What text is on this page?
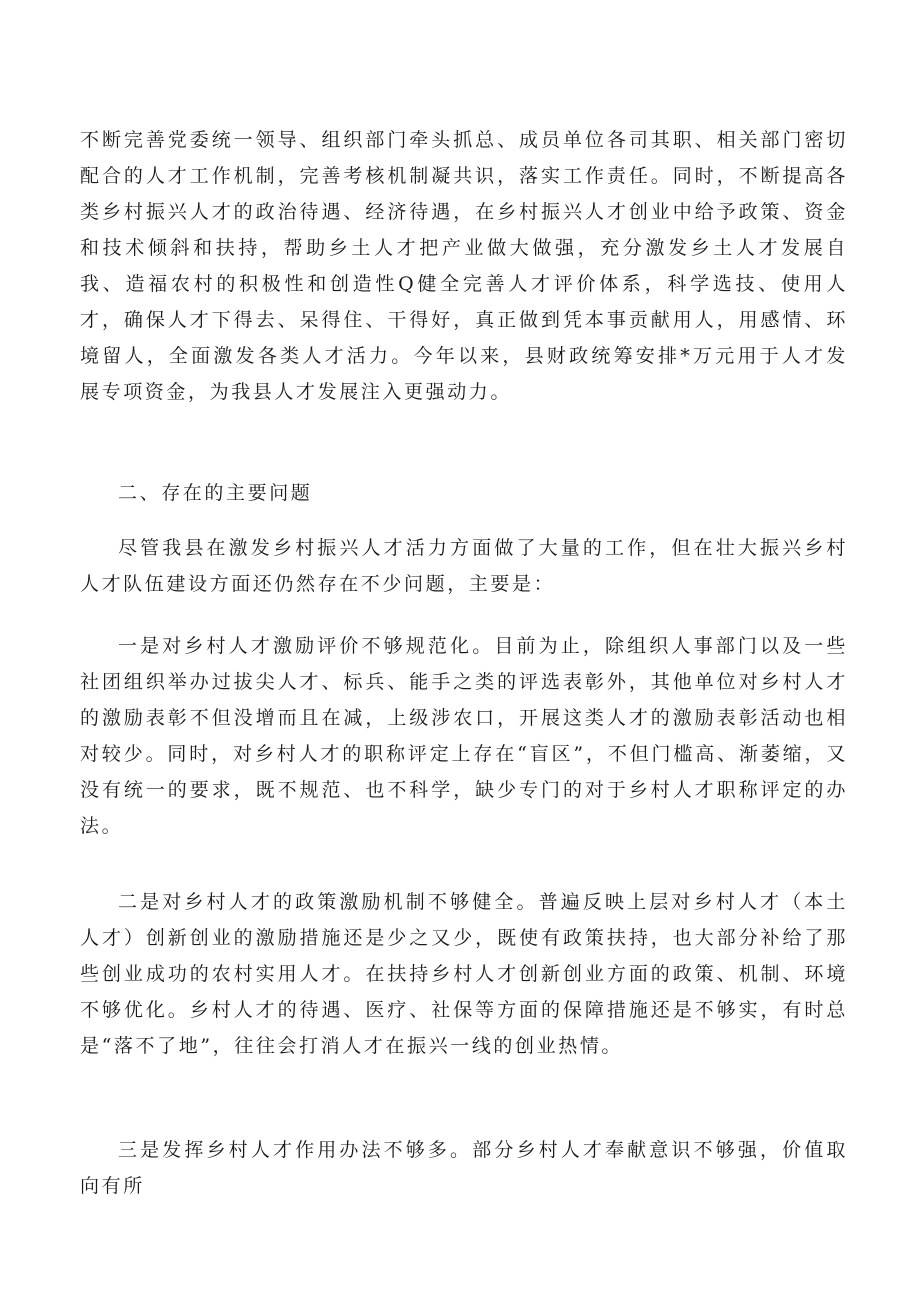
不断完善党委统一领导、组织部门牵头抓总、成员单位各司其职、相关部门密切配合的人才工作机制，完善考核机制凝共识，落实工作责任。同时，不断提高各类乡村振兴人才的政治待遇、经济待遇，在乡村振兴人才创业中给予政策、资金和技术倾斜和扶持，帮助乡土人才把产业做大做强，充分激发乡土人才发展自我、造福农村的积极性和创造性Q健全完善人才评价体系，科学选技、使用人才，确保人才下得去、呆得住、干得好，真正做到凭本事贡献用人，用感情、环境留人，全面激发各类人才活力。今年以来，县财政统筹安排*万元用于人才发展专项资金，为我县人才发展注入更强动力。

二、存在的主要问题

尽管我县在激发乡村振兴人才活力方面做了大量的工作，但在壮大振兴乡村人才队伍建设方面还仍然存在不少问题，主要是：

一是对乡村人才激励评价不够规范化。目前为止，除组织人事部门以及一些社团组织举办过拔尖人才、标兵、能手之类的评选表彰外，其他单位对乡村人才的激励表彰不但没增而且在减，上级涉农口，开展这类人才的激励表彰活动也相对较少。同时，对乡村人才的职称评定上存在“盲区”，不但门槛高、渐萎缩，又没有统一的要求，既不规范、也不科学，缺少专门的对于乡村人才职称评定的办法。

二是对乡村人才的政策激励机制不够健全。普遍反映上层对乡村人才（本土人才）创新创业的激励措施还是少之又少，既使有政策扶持，也大部分补给了那些创业成功的农村实用人才。在扶持乡村人才创新创业方面的政策、机制、环境不够优化。乡村人才的待遇、医疗、社保等方面的保障措施还是不够实，有时总是“落不了地”，往往会打消人才在振兴一线的创业热情。

三是发挥乡村人才作用办法不够多。部分乡村人才奉献意识不够强，价值取向有所
